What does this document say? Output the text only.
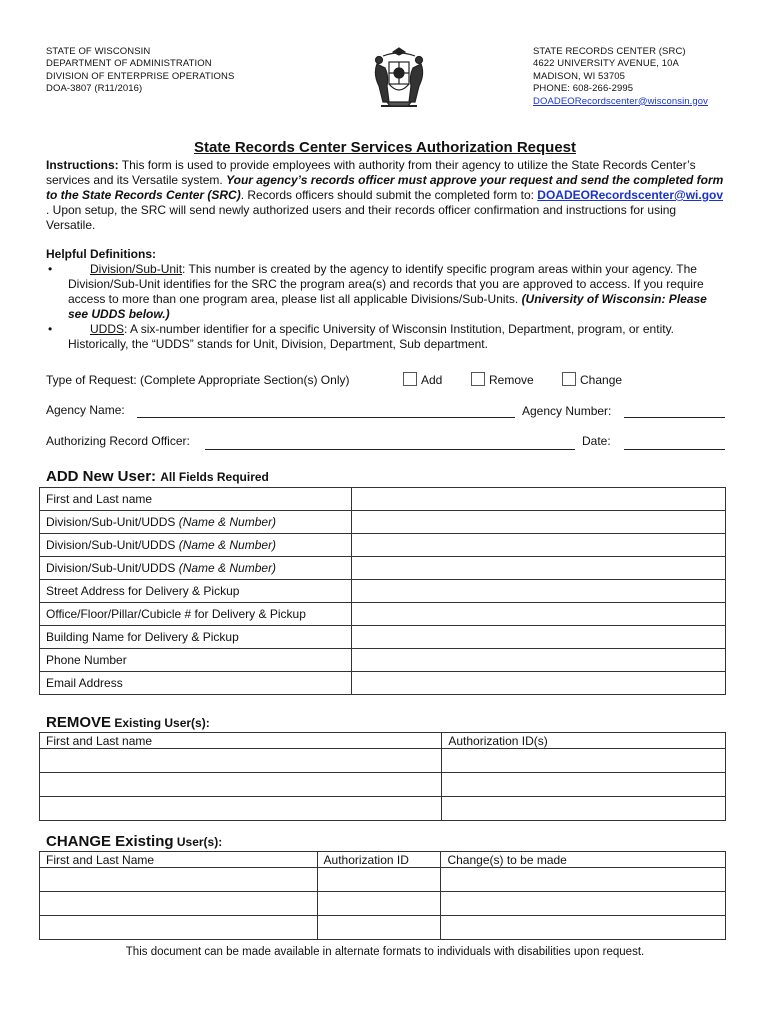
STATE OF WISCONSIN
DEPARTMENT OF ADMINISTRATION
DIVISION OF ENTERPRISE OPERATIONS
DOA-3807 (R11/2016)
STATE RECORDS CENTER (SRC)
4622 UNIVERSITY AVENUE, 10A
MADISON, WI 53705
PHONE: 608-266-2995
DOADEORecordscenter@wisconsin.gov
State Records Center Services Authorization Request
Instructions: This form is used to provide employees with authority from their agency to utilize the State Records Center’s services and its Versatile system. Your agency’s records officer must approve your request and send the completed form to the State Records Center (SRC). Records officers should submit the completed form to: DOADEORecordscenter@wi.gov . Upon setup, the SRC will send newly authorized users and their records officer confirmation and instructions for using Versatile.
Helpful Definitions:
•	Division/Sub-Unit: This number is created by the agency to identify specific program areas within your agency. The Division/Sub-Unit identifies for the SRC the program area(s) and records that you are approved to access. If you require access to more than one program area, please list all applicable Divisions/Sub-Units. (University of Wisconsin: Please see UDDS below.)
•	UDDS: A six-number identifier for a specific University of Wisconsin Institution, Department, program, or entity. Historically, the “UDDS” stands for Unit, Division, Department, Sub department.
Type of Request: (Complete Appropriate Section(s) Only)	Add	Remove	Change
Agency Name:	Agency Number:
Authorizing Record Officer:	Date:
ADD New User: All Fields Required
First and Last name	
Division/Sub-Unit/UDDS (Name & Number)	
Division/Sub-Unit/UDDS (Name & Number)	
Division/Sub-Unit/UDDS (Name & Number)	
Street Address for Delivery & Pickup	
Office/Floor/Pillar/Cubicle # for Delivery & Pickup	
Building Name for Delivery & Pickup	
Phone Number	
Email Address	
REMOVE Existing User(s):
First and Last name	Authorization ID(s)

CHANGE Existing User(s):
First and Last Name	Authorization ID	Change(s) to be made

This document can be made available in alternate formats to individuals with disabilities upon request.
